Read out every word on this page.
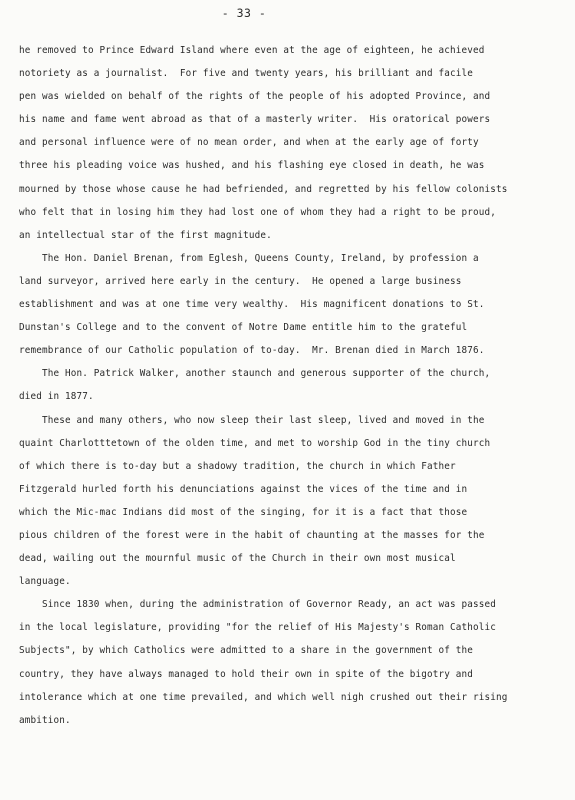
- 33 -
he removed to Prince Edward Island where even at the age of eighteen, he achieved
notoriety as a journalist.  For five and twenty years, his brilliant and facile
pen was wielded on behalf of the rights of the people of his adopted Province, and
his name and fame went abroad as that of a masterly writer.  His oratorical powers
and personal influence were of no mean order, and when at the early age of forty
three his pleading voice was hushed, and his flashing eye closed in death, he was
mourned by those whose cause he had befriended, and regretted by his fellow colonists
who felt that in losing him they had lost one of whom they had a right to be proud,
an intellectual star of the first magnitude.
The Hon. Daniel Brenan, from Eglesh, Queens County, Ireland, by profession a
land surveyor, arrived here early in the century.  He opened a large business
establishment and was at one time very wealthy.  His magnificent donations to St.
Dunstan's College and to the convent of Notre Dame entitle him to the grateful
remembrance of our Catholic population of to-day.  Mr. Brenan died in March 1876.
The Hon. Patrick Walker, another staunch and generous supporter of the church,
died in 1877.
These and many others, who now sleep their last sleep, lived and moved in the
quaint Charlotttetown of the olden time, and met to worship God in the tiny church
of which there is to-day but a shadowy tradition, the church in which Father
Fitzgerald hurled forth his denunciations against the vices of the time and in
which the Mic-mac Indians did most of the singing, for it is a fact that those
pious children of the forest were in the habit of chaunting at the masses for the
dead, wailing out the mournful music of the Church in their own most musical
language.
Since 1830 when, during the administration of Governor Ready, an act was passed
in the local legislature, providing "for the relief of His Majesty's Roman Catholic
Subjects", by which Catholics were admitted to a share in the government of the
country, they have always managed to hold their own in spite of the bigotry and
intolerance which at one time prevailed, and which well nigh crushed out their rising
ambition.
